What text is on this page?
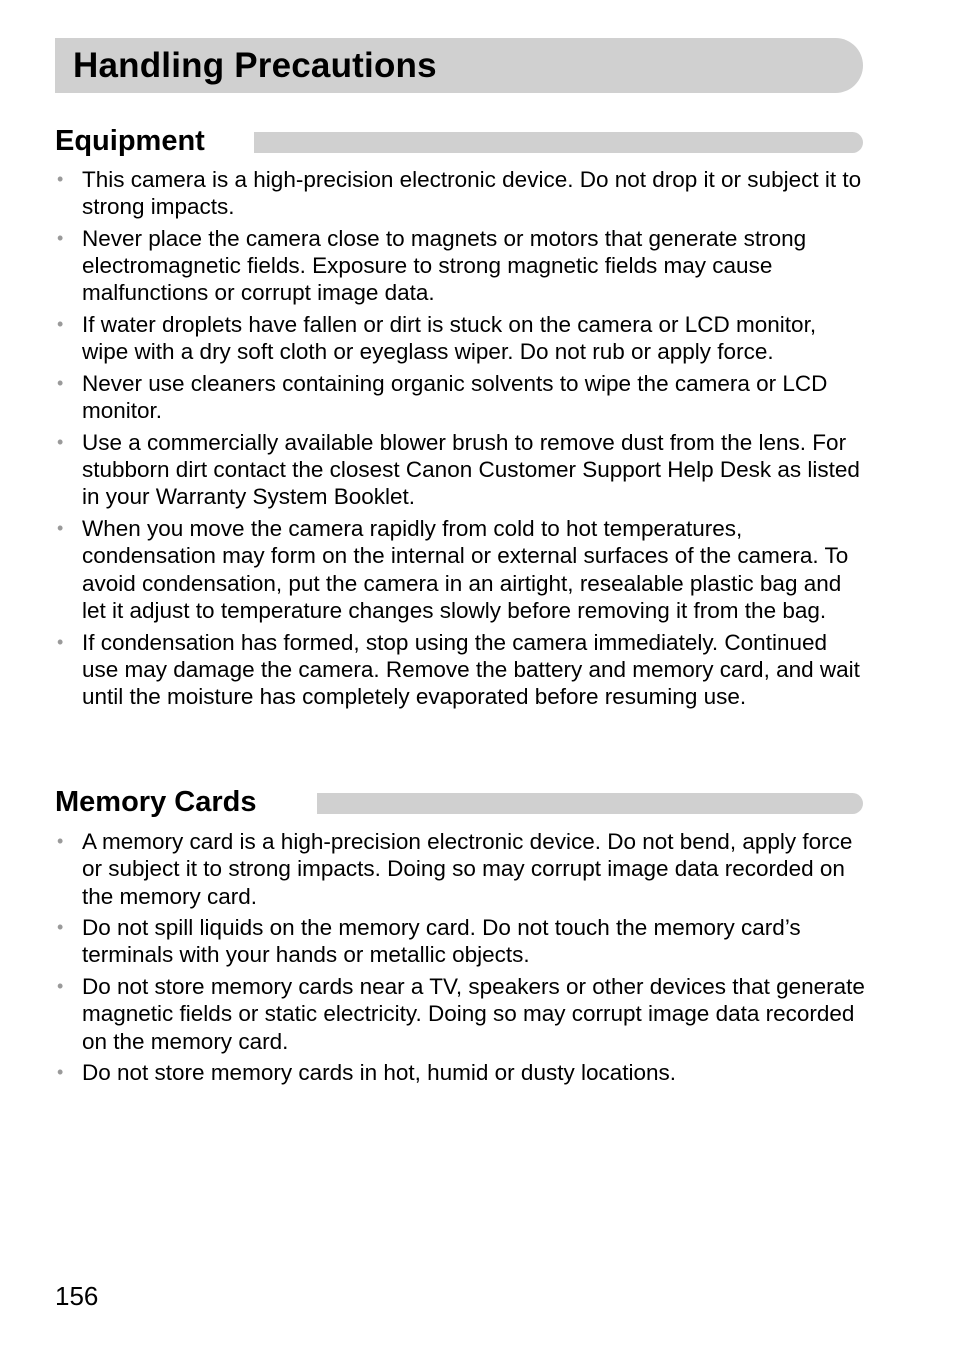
Handling Precautions
Equipment
• This camera is a high-precision electronic device. Do not drop it or subject it to strong impacts.
• Never place the camera close to magnets or motors that generate strong electromagnetic fields. Exposure to strong magnetic fields may cause malfunctions or corrupt image data.
• If water droplets have fallen or dirt is stuck on the camera or LCD monitor, wipe with a dry soft cloth or eyeglass wiper. Do not rub or apply force.
• Never use cleaners containing organic solvents to wipe the camera or LCD monitor.
• Use a commercially available blower brush to remove dust from the lens. For stubborn dirt contact the closest Canon Customer Support Help Desk as listed in your Warranty System Booklet.
• When you move the camera rapidly from cold to hot temperatures, condensation may form on the internal or external surfaces of the camera. To avoid condensation, put the camera in an airtight, resealable plastic bag and let it adjust to temperature changes slowly before removing it from the bag.
• If condensation has formed, stop using the camera immediately. Continued use may damage the camera. Remove the battery and memory card, and wait until the moisture has completely evaporated before resuming use.
Memory Cards
• A memory card is a high-precision electronic device. Do not bend, apply force or subject it to strong impacts. Doing so may corrupt image data recorded on the memory card.
• Do not spill liquids on the memory card. Do not touch the memory card’s terminals with your hands or metallic objects.
• Do not store memory cards near a TV, speakers or other devices that generate magnetic fields or static electricity. Doing so may corrupt image data recorded on the memory card.
• Do not store memory cards in hot, humid or dusty locations.
156
